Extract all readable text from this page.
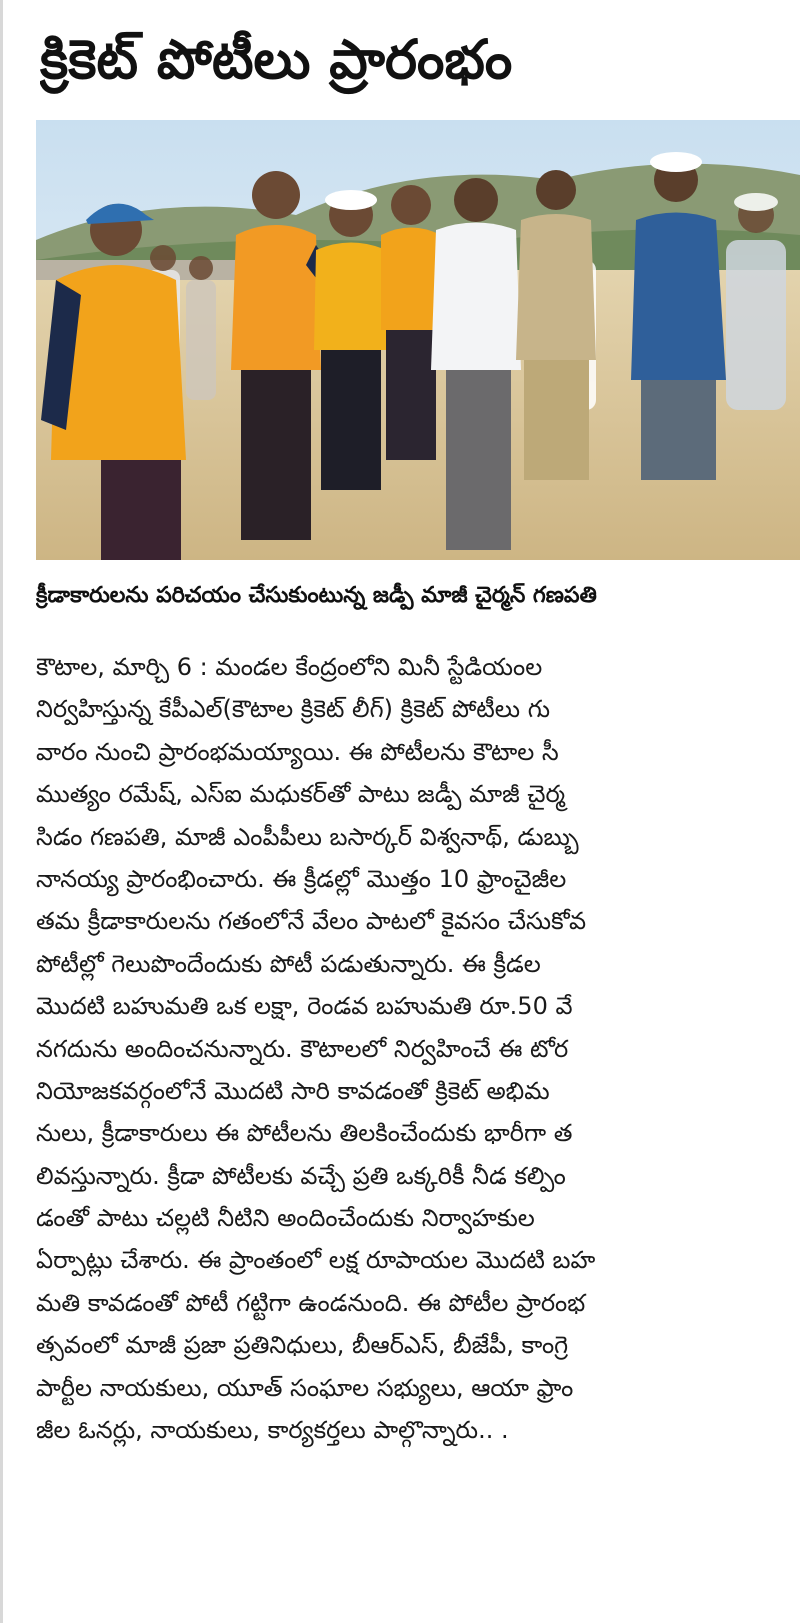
క్రికెట్ పోటీలు ప్రారంభం
క్రీడాకారులను పరిచయం చేసుకుంటున్న జడ్పీ మాజీ చైర్మన్ గణపతి
కౌటాల, మార్చి 6 : మండల కేంద్రంలోని మినీ స్టేడియంల
నిర్వహిస్తున్న కేపీఎల్(కౌటాల క్రికెట్ లీగ్) క్రికెట్ పోటీలు గు
వారం నుంచి ప్రారంభమయ్యాయి. ఈ పోటీలను కౌటాల సీ
ముత్యం రమేష్, ఎస్ఐ మధుకర్‌తో పాటు జడ్పీ మాజీ చైర్మ
సిడం గణపతి, మాజీ ఎంపీపీలు బసార్కర్ విశ్వనాథ్, డుబ్బు
నానయ్య ప్రారంభించారు. ఈ క్రీడల్లో మొత్తం 10 ఫ్రాంచైజీల
తమ క్రీడాకారులను గతంలోనే వేలం పాటలో కైవసం చేసుకోవ
పోటీల్లో గెలుపొందేందుకు పోటీ పడుతున్నారు. ఈ క్రీడల
మొదటి బహుమతి ఒక లక్షా, రెండవ బహుమతి రూ.50 వే
నగదును అందించనున్నారు. కౌటాలలో నిర్వహించే ఈ టోర
నియోజకవర్గంలోనే మొదటి సారి కావడంతో క్రికెట్ అభిమ
నులు, క్రీడాకారులు ఈ పోటీలను తిలకించేందుకు భారీగా త
లివస్తున్నారు. క్రీడా పోటీలకు వచ్చే ప్రతి ఒక్కరికీ నీడ కల్పిం
డంతో పాటు చల్లటి నీటిని అందించేందుకు నిర్వాహకుల
ఏర్పాట్లు చేశారు. ఈ ప్రాంతంలో లక్ష రూపాయల మొదటి బహ
మతి కావడంతో పోటీ గట్టిగా ఉండనుంది. ఈ పోటీల ప్రారంభ
త్సవంలో మాజీ ప్రజా ప్రతినిధులు, బీఆర్ఎస్, బీజేపీ, కాంగ్రె
పార్టీల నాయకులు, యూత్ సంఘాల సభ్యులు, ఆయా ఫ్రాం
జీల ఓనర్లు, నాయకులు, కార్యకర్తలు పాల్గొన్నారు.. .
